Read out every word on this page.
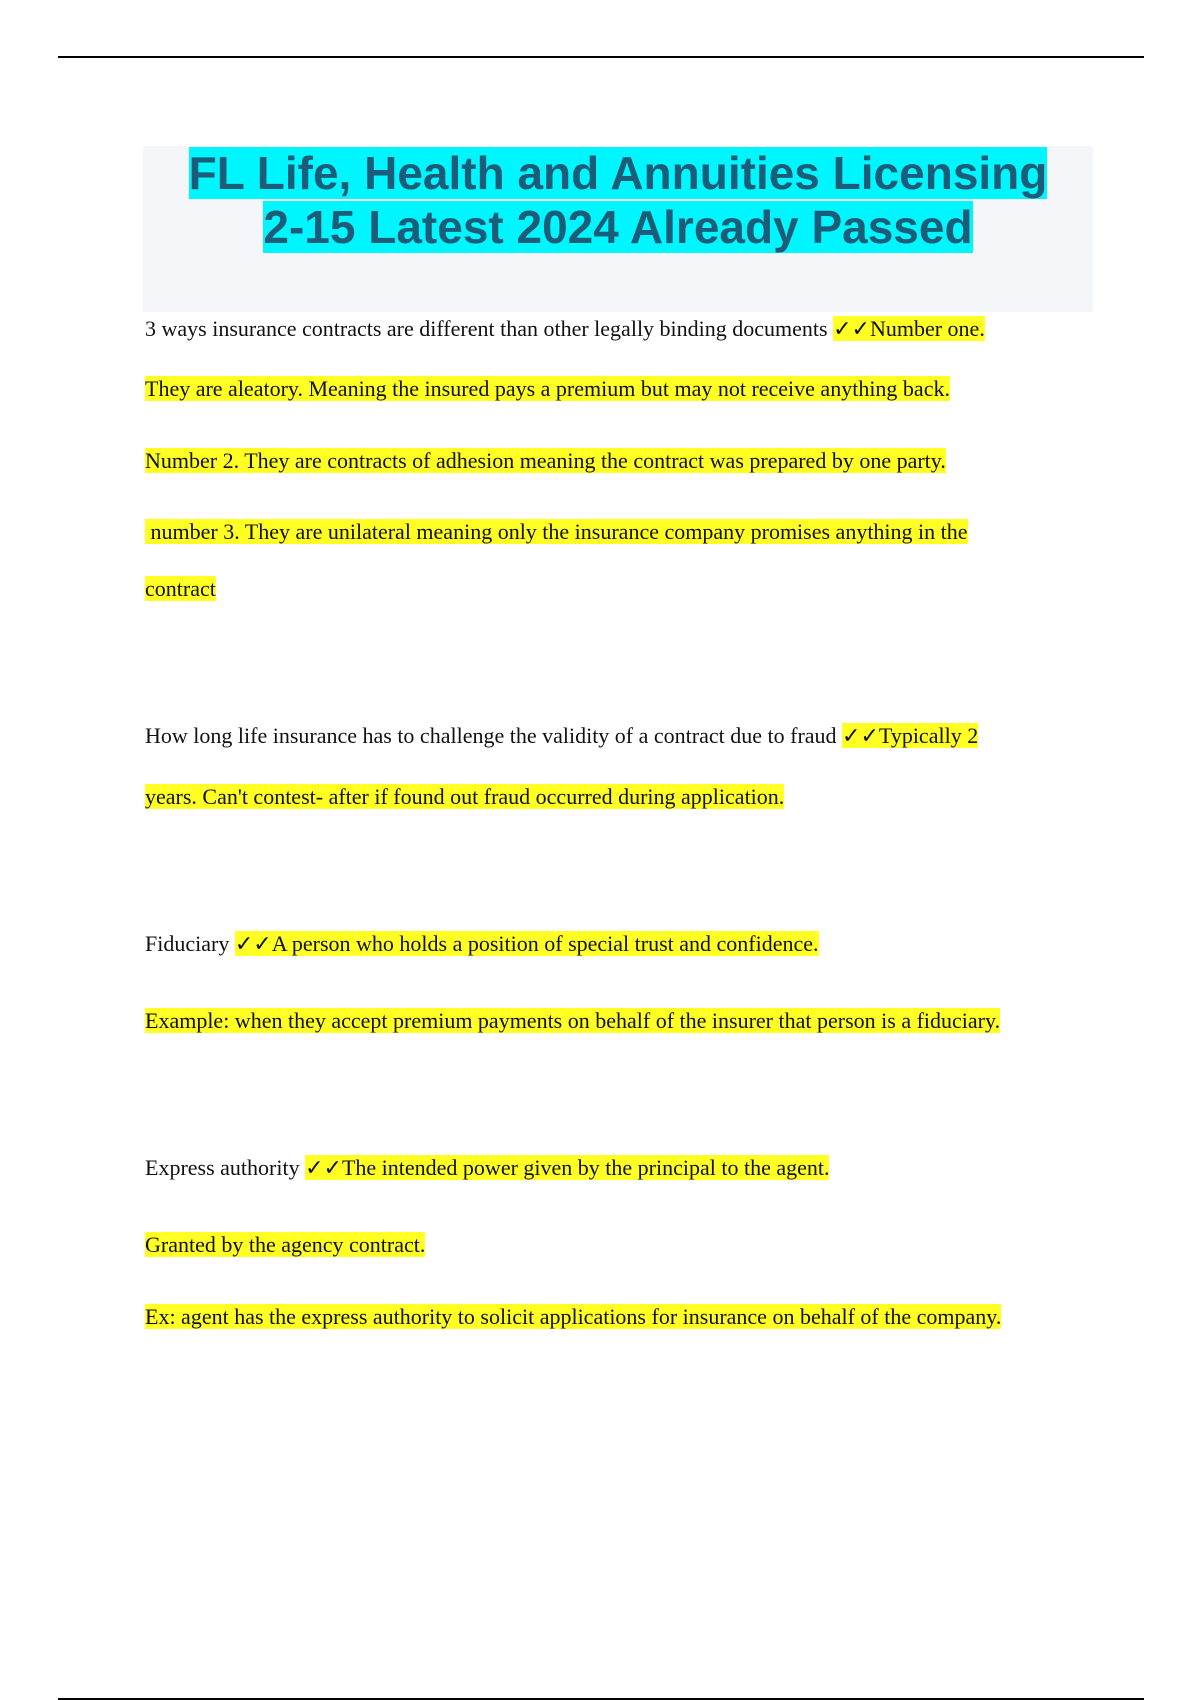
FL Life, Health and Annuities Licensing
2-15 Latest 2024 Already Passed
3 ways insurance contracts are different than other legally binding documents ✓✓Number one.
They are aleatory. Meaning the insured pays a premium but may not receive anything back.
Number 2. They are contracts of adhesion meaning the contract was prepared by one party.
number 3. They are unilateral meaning only the insurance company promises anything in the
contract
How long life insurance has to challenge the validity of a contract due to fraud ✓✓Typically 2
years. Can't contest- after if found out fraud occurred during application.
Fiduciary ✓✓A person who holds a position of special trust and confidence.
Example: when they accept premium payments on behalf of the insurer that person is a fiduciary.
Express authority ✓✓The intended power given by the principal to the agent.
Granted by the agency contract.
Ex: agent has the express authority to solicit applications for insurance on behalf of the company.
